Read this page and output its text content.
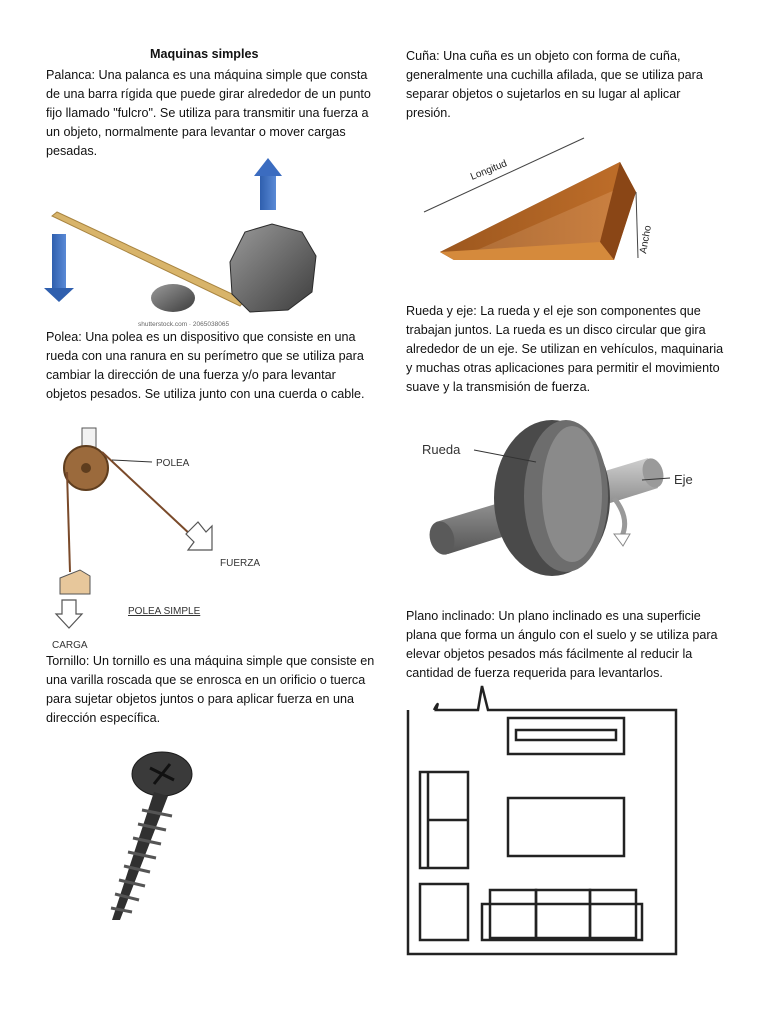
Maquinas simples

Palanca: Una palanca es una máquina simple que consta de una barra rígida que puede girar alrededor de un punto fijo llamado "fulcro". Se utiliza para transmitir una fuerza a un objeto, normalmente para levantar o mover cargas pesadas.

Polea: Una polea es un dispositivo que consiste en una rueda con una ranura en su perímetro que se utiliza para cambiar la dirección de una fuerza y/o para levantar objetos pesados. Se utiliza junto con una cuerda o cable.

Tornillo: Un tornillo es una máquina simple que consiste en una varilla roscada que se enrosca en un orificio o tuerca para sujetar objetos juntos o para aplicar fuerza en una dirección específica.

Cuña: Una cuña es un objeto con forma de cuña, generalmente una cuchilla afilada, que se utiliza para separar objetos o sujetarlos en su lugar al aplicar presión.

Rueda y eje: La rueda y el eje son componentes que trabajan juntos. La rueda es un disco circular que gira alrededor de un eje. Se utilizan en vehículos, maquinaria y muchas otras aplicaciones para permitir el movimiento suave y la transmisión de fuerza.

Plano inclinado: Un plano inclinado es una superficie plana que forma un ángulo con el suelo y se utiliza para elevar objetos pesados más fácilmente al reducir la cantidad de fuerza requerida para levantarlos.

shutterstock.com · 2065038065
POLEA
FUERZA
POLEA SIMPLE
CARGA
Longitud
Ancho
Rueda
Eje
